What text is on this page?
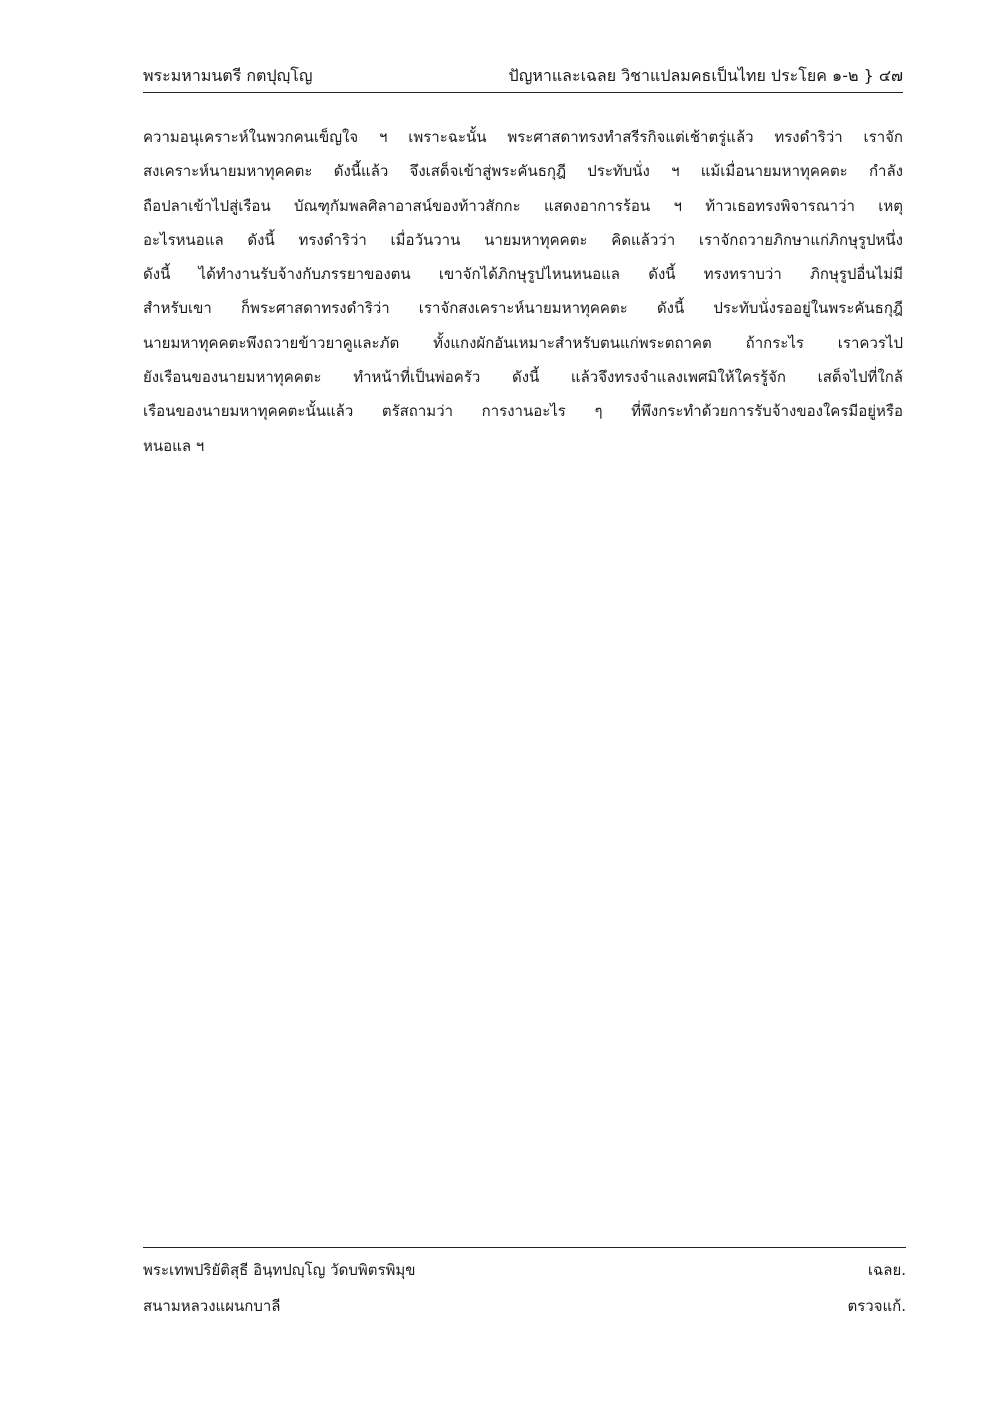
พระมหามนตรี กตปุญฺโญ	ปัญหาและเฉลย วิชาแปลมคธเป็นไทย ประโยค ๑-๒ } ๔๗
ความอนุเคราะห์ในพวกคนเข็ญใจ ฯ เพราะฉะนั้น พระศาสดาทรงทำสรีรกิจแต่เช้าตรู่แล้ว ทรงดำริว่า เราจัก
สงเคราะห์นายมหาทุคคตะ ดังนี้แล้ว จึงเสด็จเข้าสู่พระคันธกุฎี ประทับนั่ง ฯ แม้เมื่อนายมหาทุคคตะ กำลัง
ถือปลาเข้าไปสู่เรือน บัณฑุกัมพลศิลาอาสน์ของท้าวสักกะ แสดงอาการร้อน ฯ ท้าวเธอทรงพิจารณาว่า เหตุ
อะไรหนอแล ดังนี้ ทรงดำริว่า เมื่อวันวาน นายมหาทุคคตะ คิดแล้วว่า เราจักถวายภิกษาแก่ภิกษุรูปหนึ่ง
ดังนี้ ได้ทำงานรับจ้างกับภรรยาของตน เขาจักได้ภิกษุรูปไหนหนอแล ดังนี้ ทรงทราบว่า ภิกษุรูปอื่นไม่มี
สำหรับเขา ก็พระศาสดาทรงดำริว่า เราจักสงเคราะห์นายมหาทุคคตะ ดังนี้ ประทับนั่งรออยู่ในพระคันธกุฎี
นายมหาทุคคตะพึงถวายข้าวยาคูและภัต ทั้งแกงผักอันเหมาะสำหรับตนแก่พระตถาคต ถ้ากระไร เราควรไป
ยังเรือนของนายมหาทุคคตะ ทำหน้าที่เป็นพ่อครัว ดังนี้ แล้วจึงทรงจำแลงเพศมิให้ใครรู้จัก เสด็จไปที่ใกล้
เรือนของนายมหาทุคคตะนั้นแล้ว ตรัสถามว่า การงานอะไร ๆ ที่พึงกระทำด้วยการรับจ้างของใครมีอยู่หรือ
หนอแล ฯ
พระเทพปริยัติสุธี อินฺทปญฺโญ วัดบพิตรพิมุข	เฉลย.
สนามหลวงแผนกบาลี	ตรวจแก้.
